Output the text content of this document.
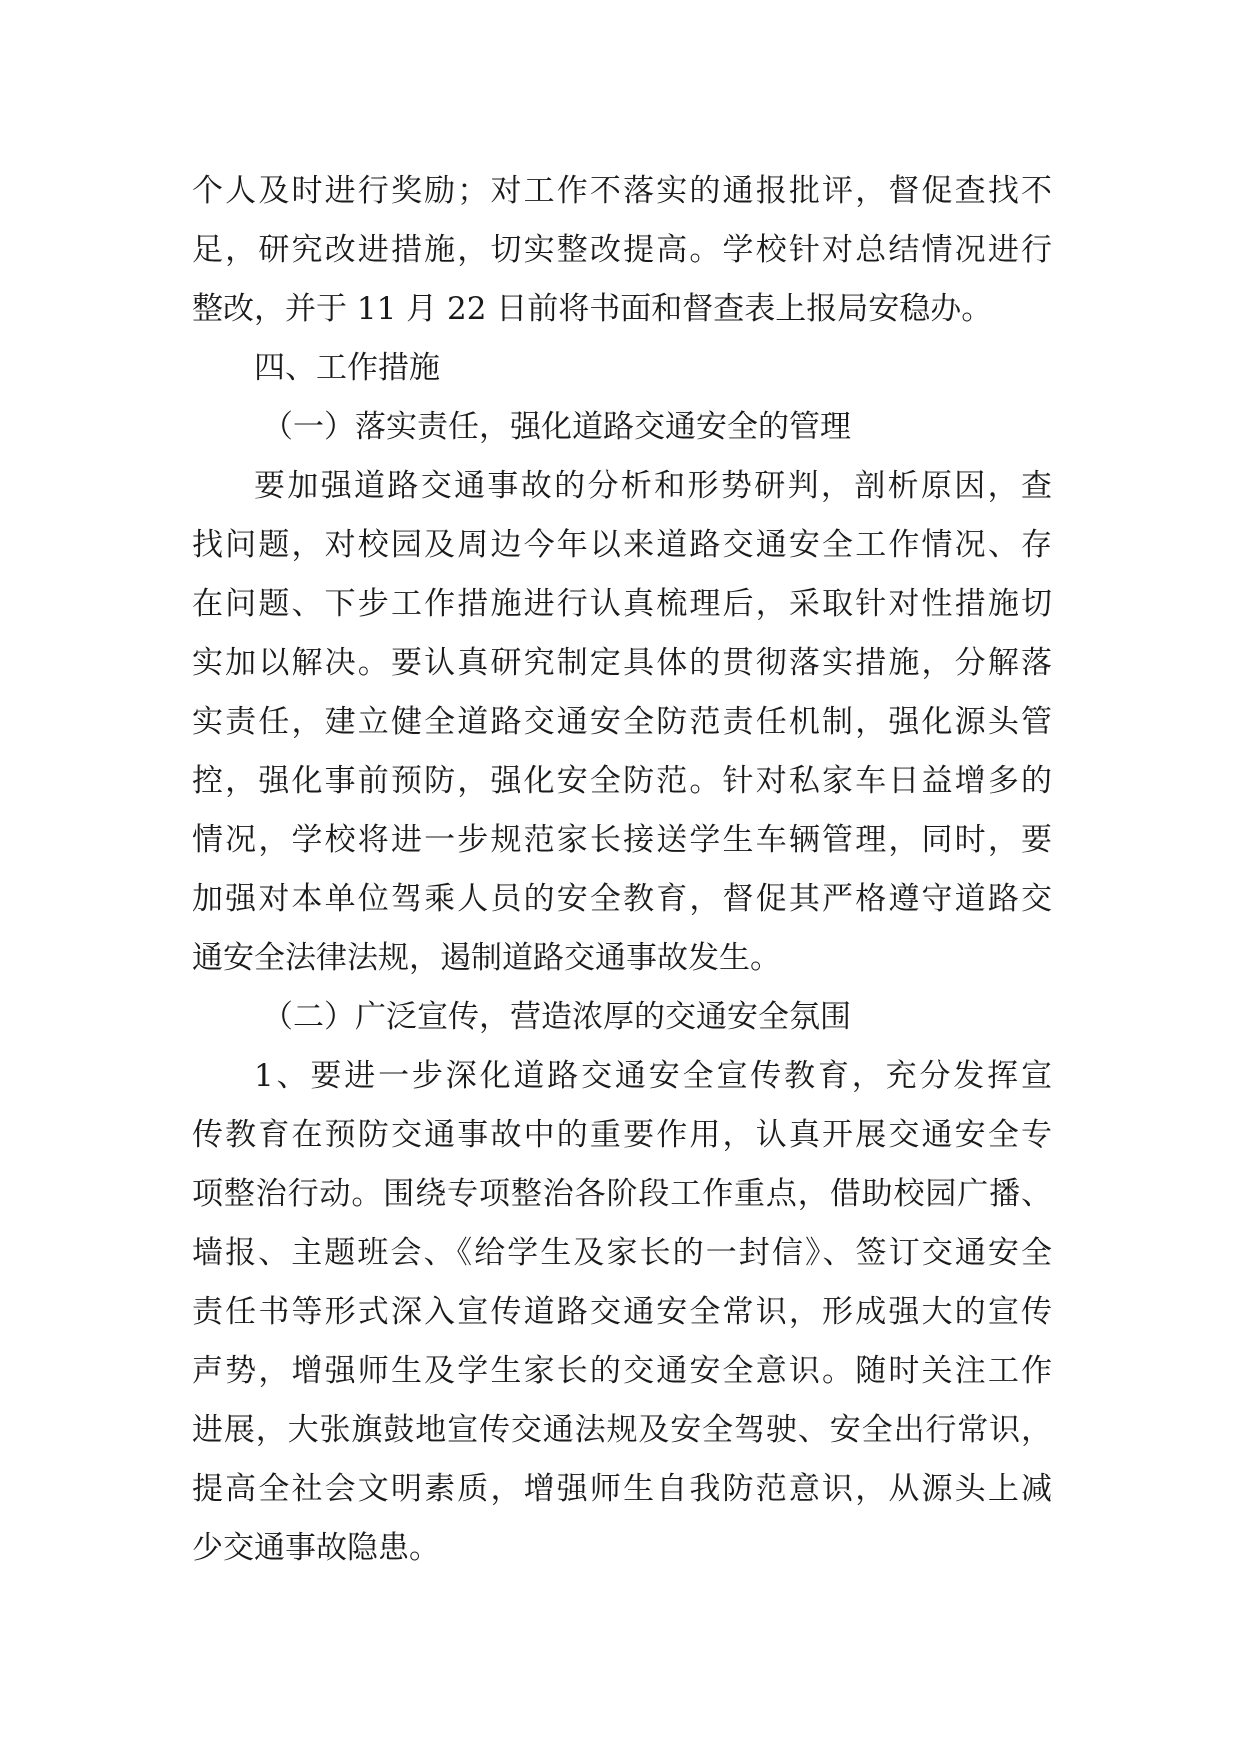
个人及时进行奖励；对工作不落实的通报批评，督促查找不
足，研究改进措施，切实整改提高。学校针对总结情况进行
整改，并于 11 月 22 日前将书面和督查表上报局安稳办。
四、工作措施
（一）落实责任，强化道路交通安全的管理
要加强道路交通事故的分析和形势研判，剖析原因，查
找问题，对校园及周边今年以来道路交通安全工作情况、存
在问题、下步工作措施进行认真梳理后，采取针对性措施切
实加以解决。要认真研究制定具体的贯彻落实措施，分解落
实责任，建立健全道路交通安全防范责任机制，强化源头管
控，强化事前预防，强化安全防范。针对私家车日益增多的
情况，学校将进一步规范家长接送学生车辆管理，同时，要
加强对本单位驾乘人员的安全教育，督促其严格遵守道路交
通安全法律法规，遏制道路交通事故发生。
（二）广泛宣传，营造浓厚的交通安全氛围
1、要进一步深化道路交通安全宣传教育，充分发挥宣
传教育在预防交通事故中的重要作用，认真开展交通安全专
项整治行动。围绕专项整治各阶段工作重点，借助校园广播、
墙报、主题班会、《给学生及家长的一封信》、签订交通安全
责任书等形式深入宣传道路交通安全常识，形成强大的宣传
声势，增强师生及学生家长的交通安全意识。随时关注工作
进展，大张旗鼓地宣传交通法规及安全驾驶、安全出行常识，
提高全社会文明素质，增强师生自我防范意识，从源头上减
少交通事故隐患。
